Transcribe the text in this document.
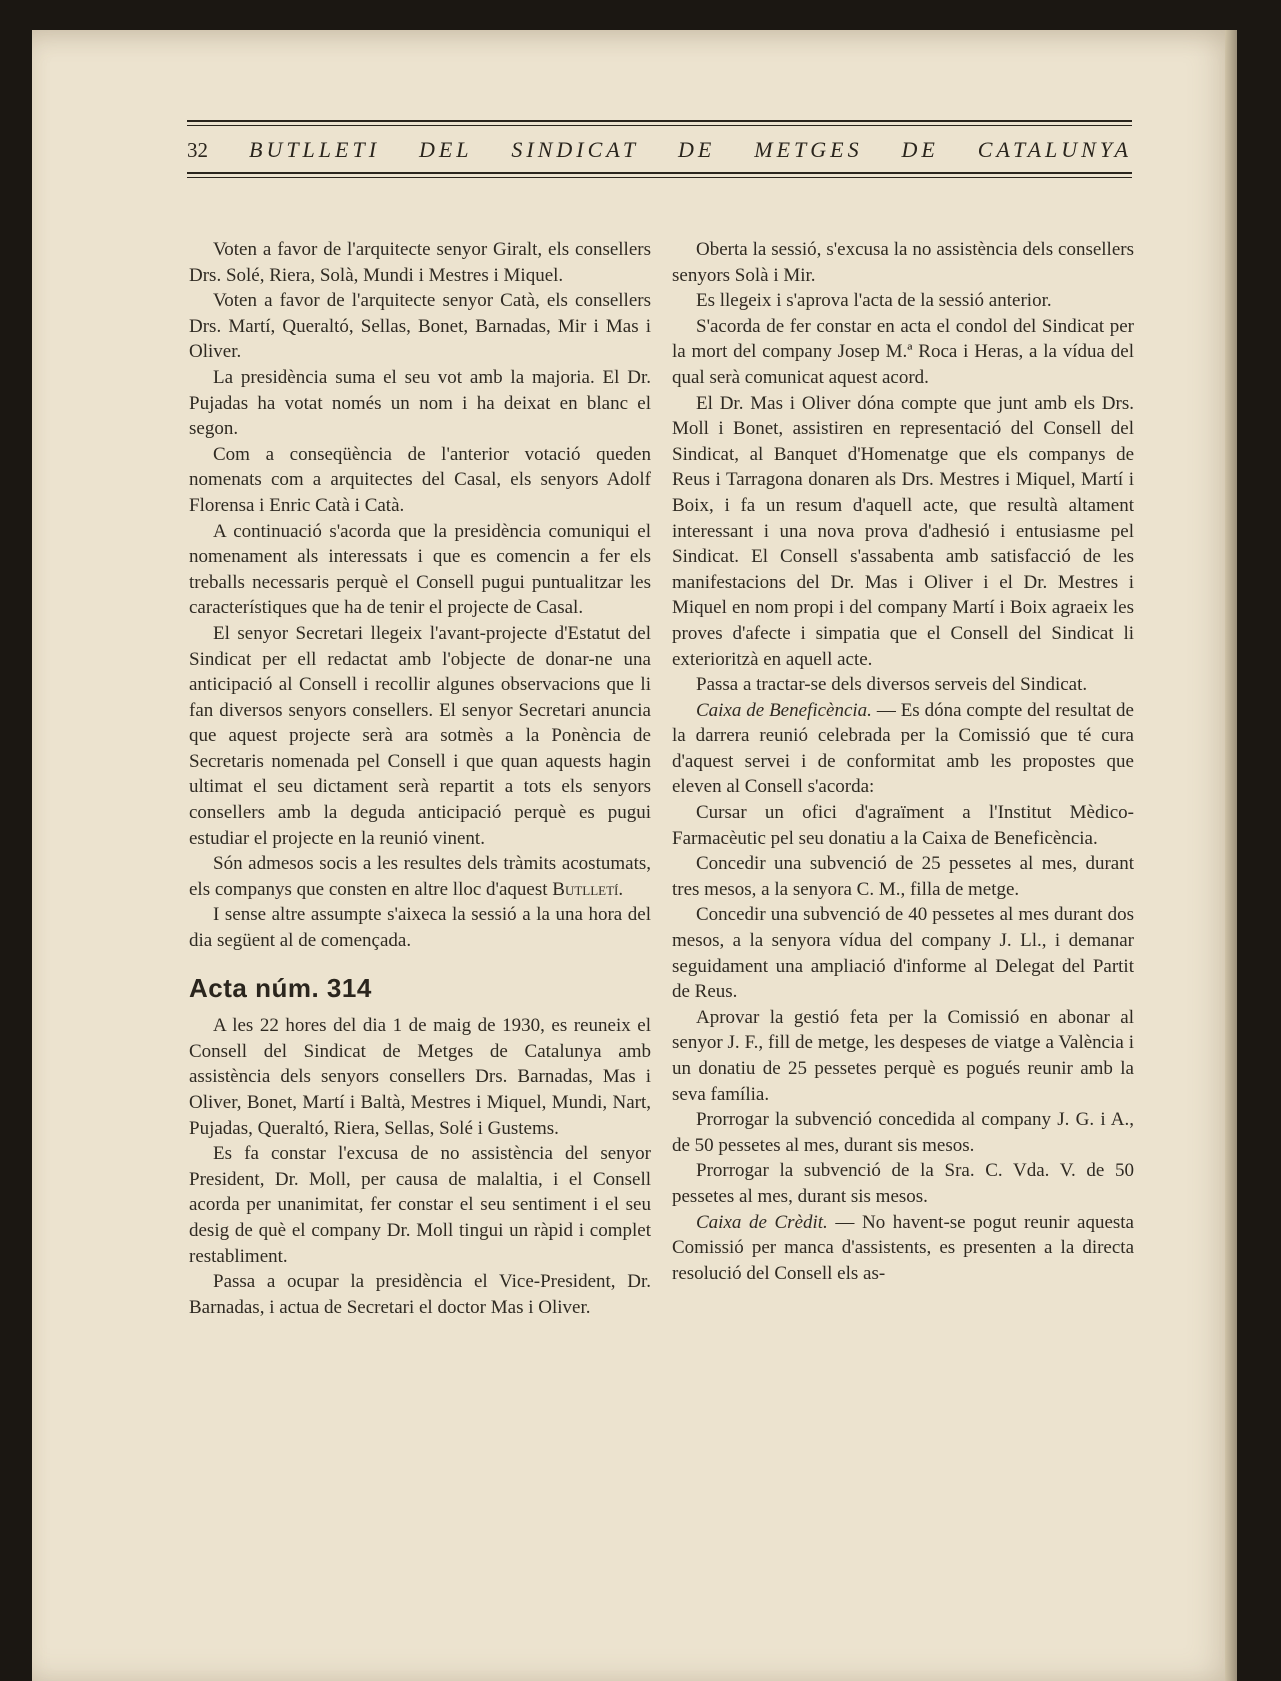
32	BUTLLETI DEL SINDICAT DE METGES DE CATALUNYA

Voten a favor de l'arquitecte senyor Giralt, els consellers Drs. Solé, Riera, Solà, Mundi i Mestres i Miquel.

Voten a favor de l'arquitecte senyor Catà, els consellers Drs. Martí, Queraltó, Sellas, Bonet, Barnadas, Mir i Mas i Oliver.

La presidència suma el seu vot amb la majoria. El Dr. Pujadas ha votat només un nom i ha deixat en blanc el segon.

Com a conseqüència de l'anterior votació queden nomenats com a arquitectes del Casal, els senyors Adolf Florensa i Enric Catà i Catà.

A continuació s'acorda que la presidència comuniqui el nomenament als interessats i que es comencin a fer els treballs necessaris perquè el Consell pugui puntualitzar les característiques que ha de tenir el projecte de Casal.

El senyor Secretari llegeix l'avant-projecte d'Estatut del Sindicat per ell redactat amb l'objecte de donar-ne una anticipació al Consell i recollir algunes observacions que li fan diversos senyors consellers. El senyor Secretari anuncia que aquest projecte serà ara sotmès a la Ponència de Secretaris nomenada pel Consell i que quan aquests hagin ultimat el seu dictament serà repartit a tots els senyors consellers amb la deguda anticipació perquè es pugui estudiar el projecte en la reunió vinent.

Són admesos socis a les resultes dels tràmits acostumats, els companys que consten en altre lloc d'aquest Butlletí.

I sense altre assumpte s'aixeca la sessió a la una hora del dia següent al de començada.

Acta núm. 314

A les 22 hores del dia 1 de maig de 1930, es reuneix el Consell del Sindicat de Metges de Catalunya amb assistència dels senyors consellers Drs. Barnadas, Mas i Oliver, Bonet, Martí i Baltà, Mestres i Miquel, Mundi, Nart, Pujadas, Queraltó, Riera, Sellas, Solé i Gustems.

Es fa constar l'excusa de no assistència del senyor President, Dr. Moll, per causa de malaltia, i el Consell acorda per unanimitat, fer constar el seu sentiment i el seu desig de què el company Dr. Moll tingui un ràpid i complet restabliment.

Passa a ocupar la presidència el Vice-President, Dr. Barnadas, i actua de Secretari el doctor Mas i Oliver.

Oberta la sessió, s'excusa la no assistència dels consellers senyors Solà i Mir.

Es llegeix i s'aprova l'acta de la sessió anterior.

S'acorda de fer constar en acta el condol del Sindicat per la mort del company Josep M.ª Roca i Heras, a la vídua del qual serà comunicat aquest acord.

El Dr. Mas i Oliver dóna compte que junt amb els Drs. Moll i Bonet, assistiren en representació del Consell del Sindicat, al Banquet d'Homenatge que els companys de Reus i Tarragona donaren als Drs. Mestres i Miquel, Martí i Boix, i fa un resum d'aquell acte, que resultà altament interessant i una nova prova d'adhesió i entusiasme pel Sindicat. El Consell s'assabenta amb satisfacció de les manifestacions del Dr. Mas i Oliver i el Dr. Mestres i Miquel en nom propi i del company Martí i Boix agraeix les proves d'afecte i simpatia que el Consell del Sindicat li exterioritzà en aquell acte.

Passa a tractar-se dels diversos serveis del Sindicat.

Caixa de Beneficència. — Es dóna compte del resultat de la darrera reunió celebrada per la Comissió que té cura d'aquest servei i de conformitat amb les propostes que eleven al Consell s'acorda:

Cursar un ofici d'agraïment a l'Institut Mèdico-Farmacèutic pel seu donatiu a la Caixa de Beneficència.

Concedir una subvenció de 25 pessetes al mes, durant tres mesos, a la senyora C. M., filla de metge.

Concedir una subvenció de 40 pessetes al mes durant dos mesos, a la senyora vídua del company J. Ll., i demanar seguidament una ampliació d'informe al Delegat del Partit de Reus.

Aprovar la gestió feta per la Comissió en abonar al senyor J. F., fill de metge, les despeses de viatge a València i un donatiu de 25 pessetes perquè es pogués reunir amb la seva família.

Prorrogar la subvenció concedida al company J. G. i A., de 50 pessetes al mes, durant sis mesos.

Prorrogar la subvenció de la Sra. C. Vda. V. de 50 pessetes al mes, durant sis mesos.

Caixa de Crèdit. — No havent-se pogut reunir aquesta Comissió per manca d'assistents, es presenten a la directa resolució del Consell els as-
